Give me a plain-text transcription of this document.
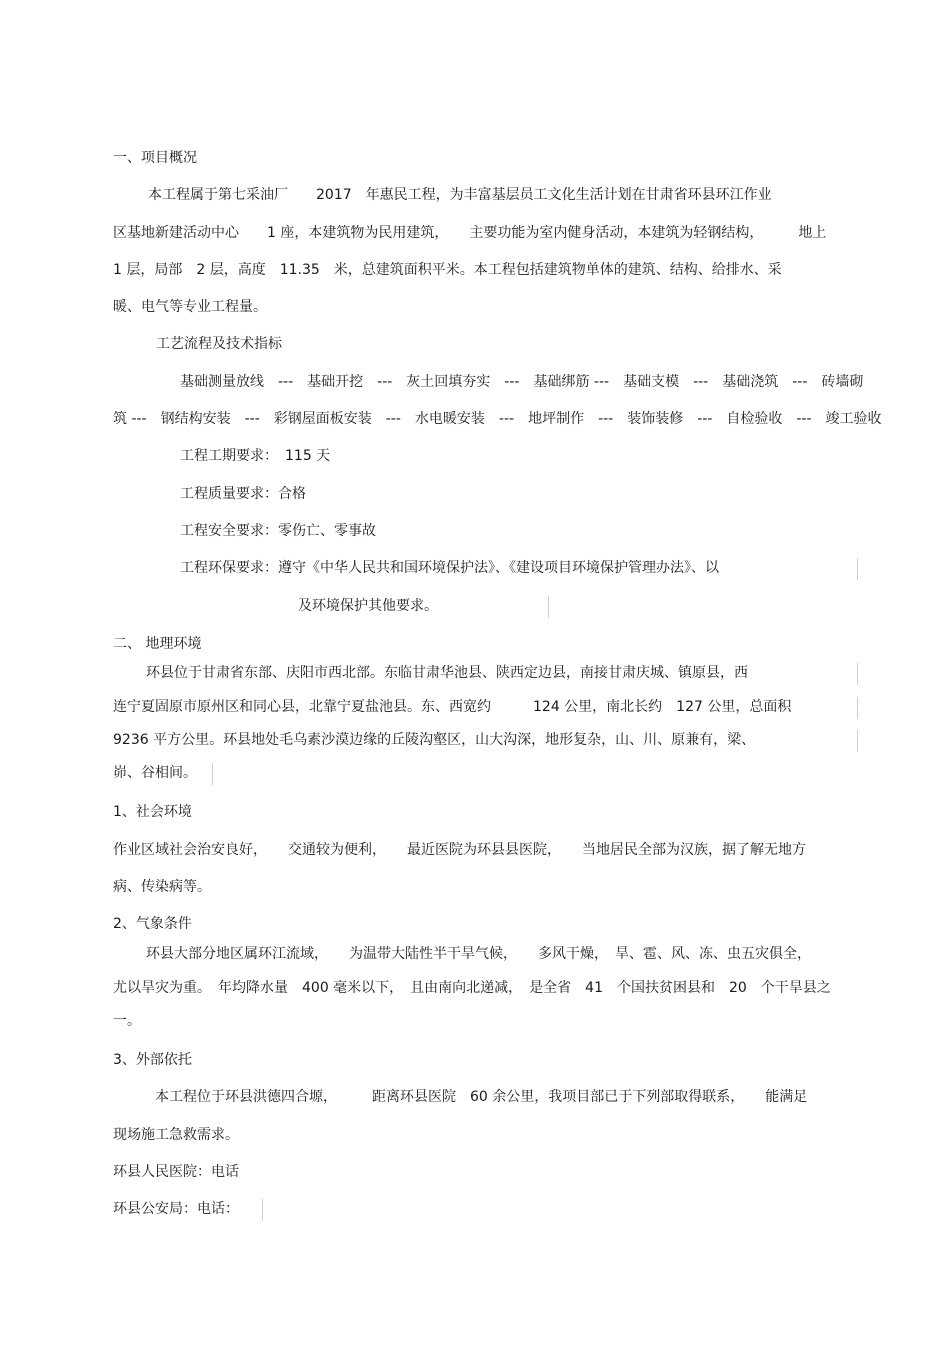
一、项目概况
本工程属于第七采油厂　　2017　年惠民工程，为丰富基层员工文化生活计划在甘肃省环县环江作业
区基地新建活动中心　　1 座，本建筑物为民用建筑，　　主要功能为室内健身活动，本建筑为轻钢结构，　　　地上
1 层，局部　2 层，高度　11.35　米，总建筑面积平米。本工程包括建筑物单体的建筑、结构、给排水、采
暖、电气等专业工程量。
工艺流程及技术指标
基础测量放线　---　基础开挖　---　灰土回填夯实　---　基础绑筋 ---　基础支模　---　基础浇筑　---　砖墙砌
筑 ---　钢结构安装　---　彩钢屋面板安装　---　水电暖安装　---　地坪制作　---　装饰装修　---　自检验收　---　竣工验收
工程工期要求：　115 天
工程质量要求：合格
工程安全要求：零伤亡、零事故
工程环保要求：遵守《中华人民共和国环境保护法》、《建设项目环境保护管理办法》、以
及环境保护其他要求。
二、 地理环境
环县位于甘肃省东部、庆阳市西北部。东临甘肃华池县、陕西定边县，南接甘肃庆城、镇原县，西
连宁夏固原市原州区和同心县，北靠宁夏盐池县。东、西宽约　　　124 公里，南北长约　127 公里，总面积
9236 平方公里。环县地处毛乌素沙漠边缘的丘陵沟壑区，山大沟深，地形复杂，山、川、原兼有，梁、
峁、谷相间。
1、社会环境
作业区域社会治安良好，　　交通较为便利，　　最近医院为环县县医院，　　当地居民全部为汉族，据了解无地方
病、传染病等。
2、气象条件
环县大部分地区属环江流域，　　为温带大陆性半干旱气候，　　多风干燥，　旱、雹、风、冻、虫五灾俱全，
尤以旱灾为重。　年均降水量　400 毫米以下，　且由南向北递减，　是全省　41　个国扶贫困县和　20　个干旱县之
一。
3、外部依托
本工程位于环县洪德四合塬，　　　距离环县医院　60 余公里，我项目部已于下列部取得联系，　　能满足
现场施工急救需求。
环县人民医院：电话
环县公安局：电话：
